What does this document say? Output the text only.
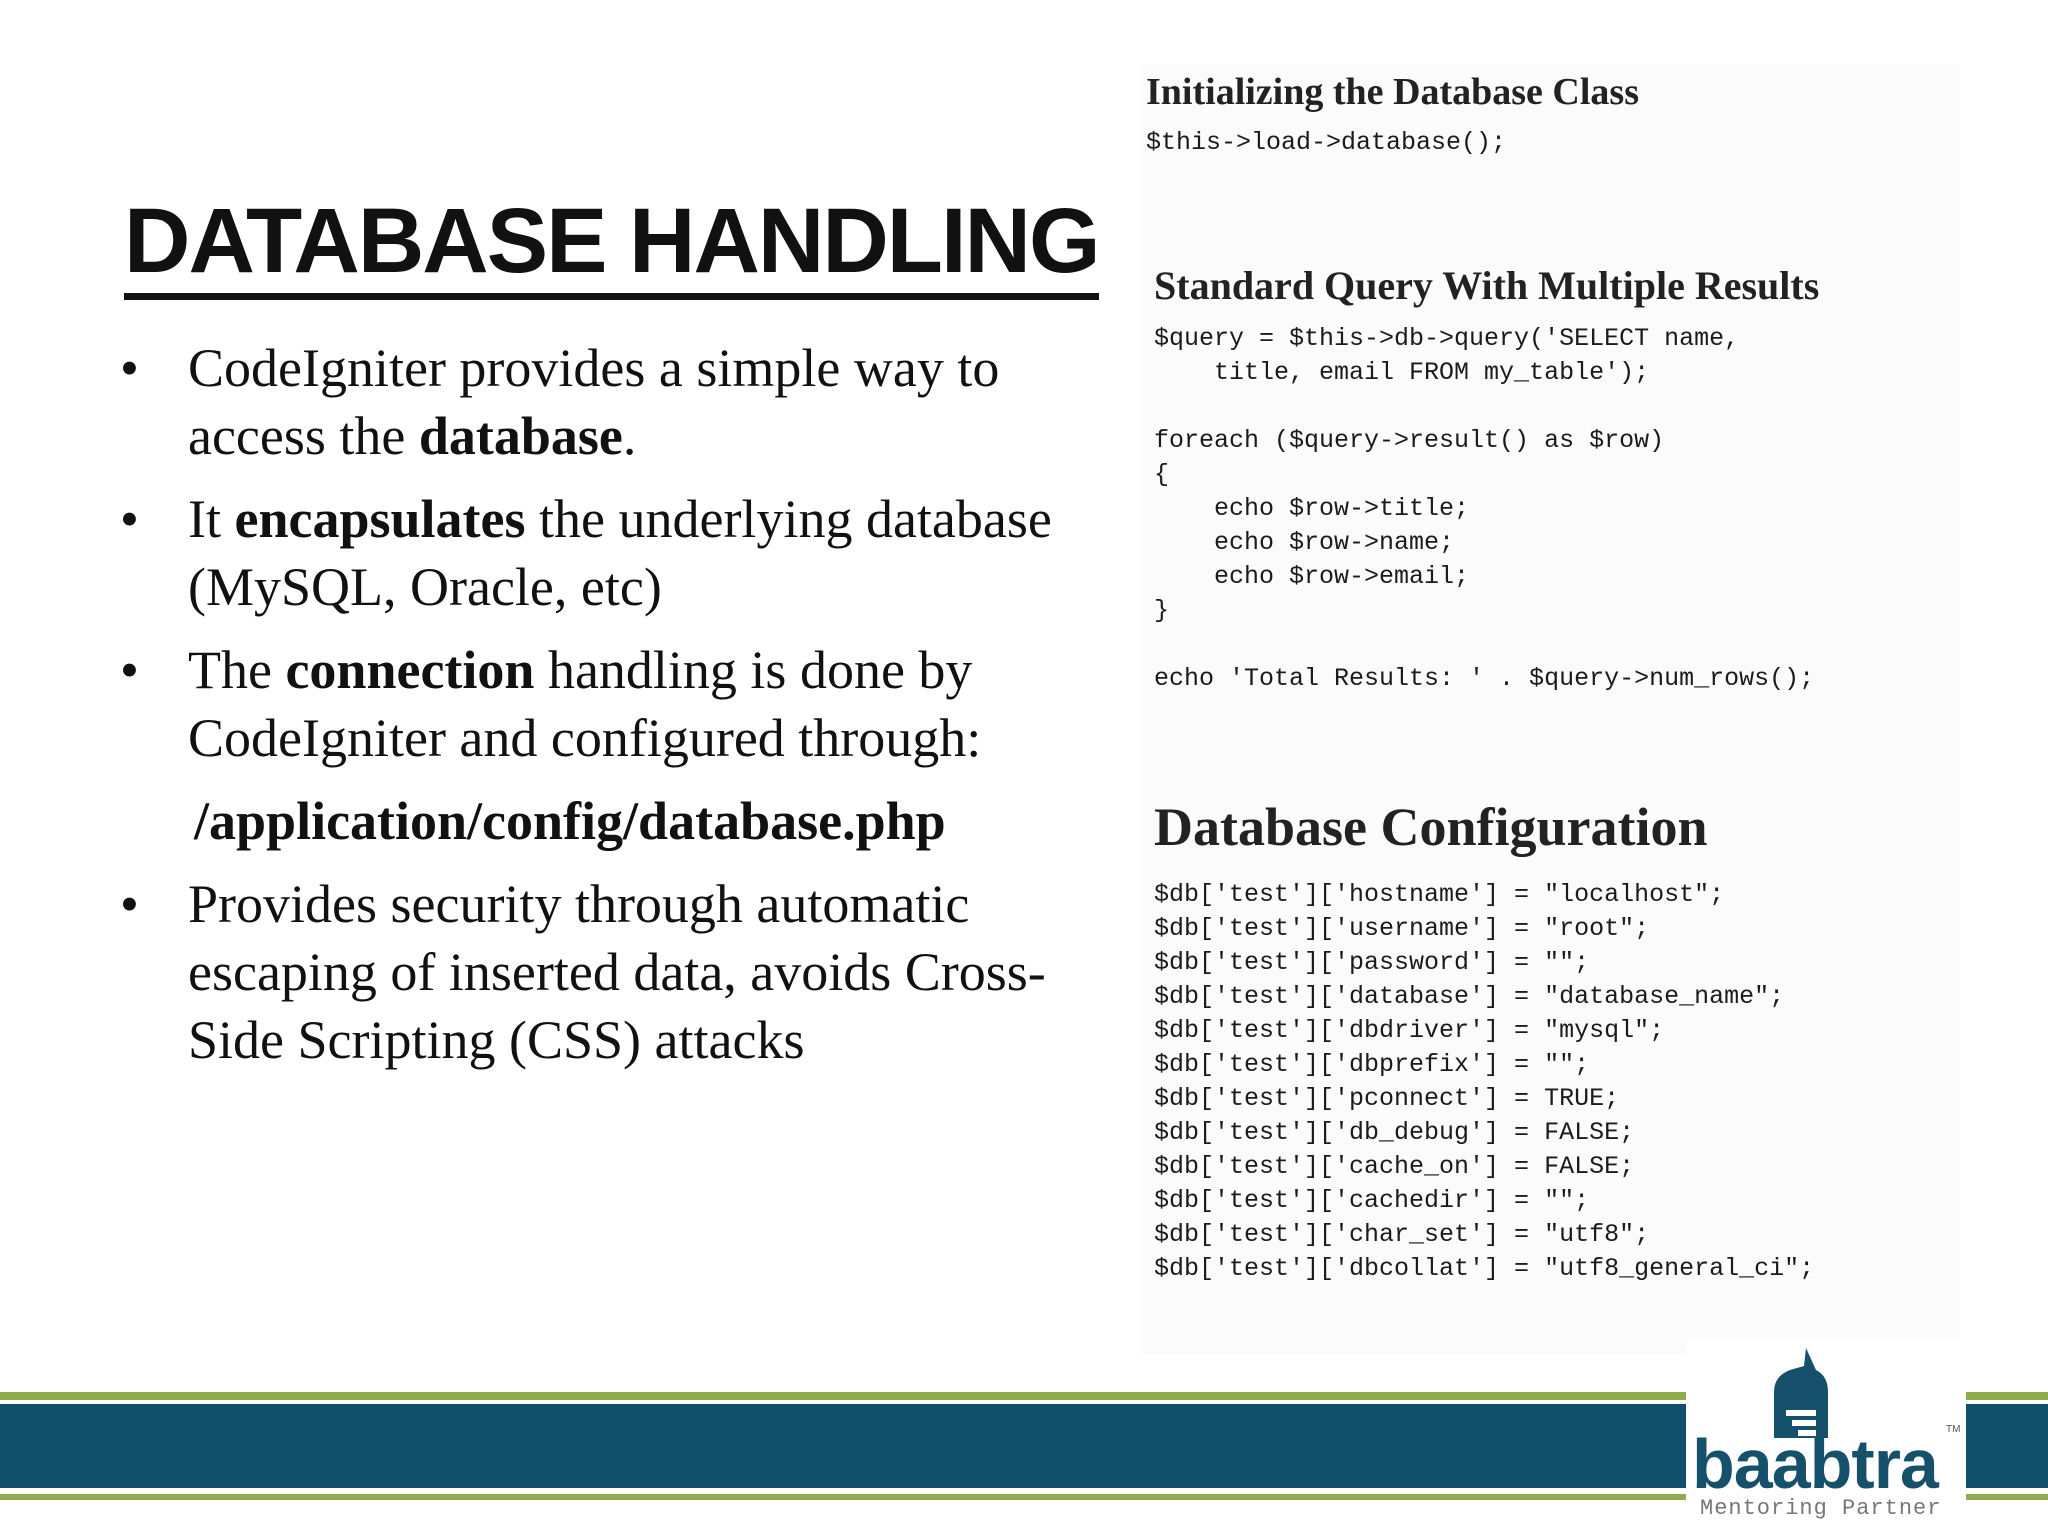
DATABASE HANDLING
• CodeIgniter provides a simple way to access the database.
• It encapsulates the underlying database (MySQL, Oracle, etc)
• The connection handling is done by CodeIgniter and configured through:
/application/config/database.php
• Provides security through automatic escaping of inserted data, avoids Cross-Side Scripting (CSS) attacks
Initializing the Database Class
$this->load->database();
Standard Query With Multiple Results
$query = $this->db->query('SELECT name,
title, email FROM my_table');

foreach ($query->result() as $row)
{
echo $row->title;
echo $row->name;
echo $row->email;
}

echo 'Total Results: ' . $query->num_rows();
Database Configuration
$db['test']['hostname'] = "localhost";
$db['test']['username'] = "root";
$db['test']['password'] = "";
$db['test']['database'] = "database_name";
$db['test']['dbdriver'] = "mysql";
$db['test']['dbprefix'] = "";
$db['test']['pconnect'] = TRUE;
$db['test']['db_debug'] = FALSE;
$db['test']['cache_on'] = FALSE;
$db['test']['cachedir'] = "";
$db['test']['char_set'] = "utf8";
$db['test']['dbcollat'] = "utf8_general_ci";
baabtra TM
Mentoring Partner
